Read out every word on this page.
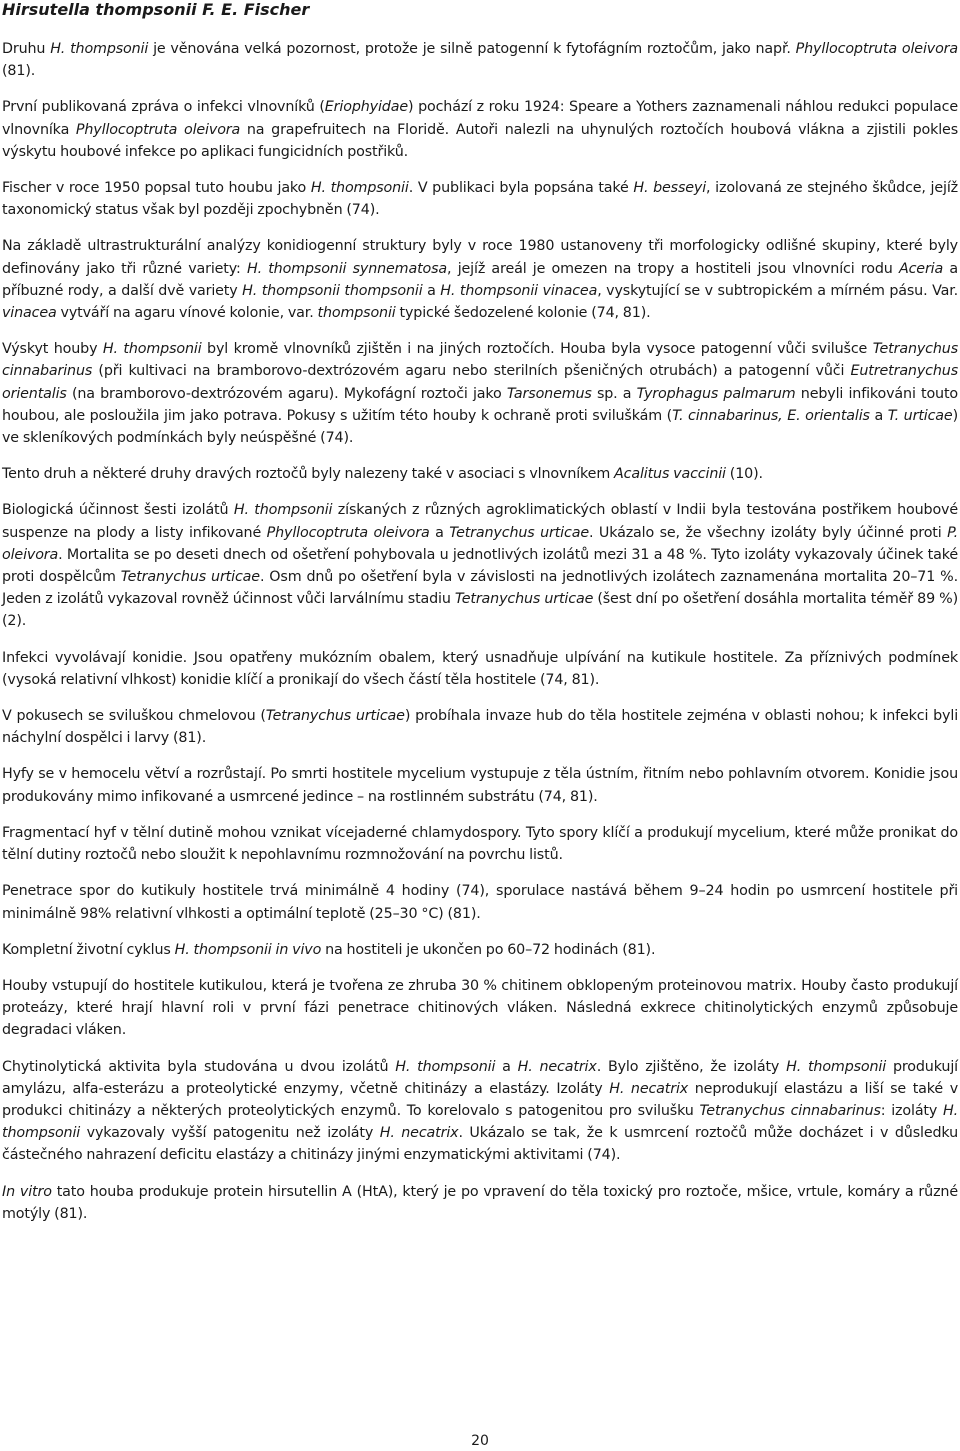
Hirsutella thompsonii F. E. Fischer

Druhu H. thompsonii je věnována velká pozornost, protože je silně patogenní k fytofágním roztočům, jako např. Phyllocoptruta oleivora (81).

První publikovaná zpráva o infekci vlnovníků (Eriophyidae) pochází z roku 1924: Speare a Yothers zaznamenali náhlou redukci populace vlnovníka Phyllocoptruta oleivora na grapefruitech na Floridě. Autoři nalezli na uhynulých roztočích houbová vlákna a zjistili pokles výskytu houbové infekce po aplikaci fungicidních postřiků.

Fischer v roce 1950 popsal tuto houbu jako H. thompsonii. V publikaci byla popsána také H. besseyi, izolovaná ze stejného škůdce, jejíž taxonomický status však byl později zpochybněn (74).

Na základě ultrastrukturální analýzy konidiogenní struktury byly v roce 1980 ustanoveny tři morfologicky odlišné skupiny, které byly definovány jako tři různé variety: H. thompsonii synnematosa, jejíž areál je omezen na tropy a hostiteli jsou vlnovníci rodu Aceria a příbuzné rody, a další dvě variety H. thompsonii thompsonii a H. thompsonii vinacea, vyskytující se v subtropickém a mírném pásu. Var. vinacea vytváří na agaru vínové kolonie, var. thompsonii typické šedozelené kolonie (74, 81).

Výskyt houby H. thompsonii byl kromě vlnovníků zjištěn i na jiných roztočích. Houba byla vysoce patogenní vůči svilušce Tetranychus cinnabarinus (při kultivaci na bramborovo-dextrózovém agaru nebo sterilních pšeničných otrubách) a patogenní vůči Eutretranychus orientalis (na bramborovo-dextrózovém agaru). Mykofágní roztoči jako Tarsonemus sp. a Tyrophagus palmarum nebyli infikováni touto houbou, ale posloužila jim jako potrava. Pokusy s užitím této houby k ochraně proti sviluškám (T. cinnabarinus, E. orientalis a T. urticae) ve skleníkových podmínkách byly neúspěšné (74).

Tento druh a některé druhy dravých roztočů byly nalezeny také v asociaci s vlnovníkem Acalitus vaccinii (10).

Biologická účinnost šesti izolátů H. thompsonii získaných z různých agroklimatických oblastí v Indii byla testována postřikem houbové suspenze na plody a listy infikované Phyllocoptruta oleivora a Tetranychus urticae. Ukázalo se, že všechny izoláty byly účinné proti P. oleivora. Mortalita se po deseti dnech od ošetření pohybovala u jednotlivých izolátů mezi 31 a 48 %. Tyto izoláty vykazovaly účinek také proti dospělcům Tetranychus urticae. Osm dnů po ošetření byla v závislosti na jednotlivých izolátech zaznamenána mortalita 20–71 %. Jeden z izolátů vykazoval rovněž účinnost vůči larválnímu stadiu Tetranychus urticae (šest dní po ošetření dosáhla mortalita téměř 89 %) (2).

Infekci vyvolávají konidie. Jsou opatřeny mukózním obalem, který usnadňuje ulpívání na kutikule hostitele. Za příznivých podmínek (vysoká relativní vlhkost) konidie klíčí a pronikají do všech částí těla hostitele (74, 81).

V pokusech se sviluškou chmelovou (Tetranychus urticae) probíhala invaze hub do těla hostitele zejména v oblasti nohou; k infekci byli náchylní dospělci i larvy (81).

Hyfy se v hemocelu větví a rozrůstají. Po smrti hostitele mycelium vystupuje z těla ústním, řitním nebo pohlavním otvorem. Konidie jsou produkovány mimo infikované a usmrcené jedince – na rostlinném substrátu (74, 81).

Fragmentací hyf v tělní dutině mohou vznikat vícejaderné chlamydospory. Tyto spory klíčí a produkují mycelium, které může pronikat do tělní dutiny roztočů nebo sloužit k nepohlavnímu rozmnožování na povrchu listů.

Penetrace spor do kutikuly hostitele trvá minimálně 4 hodiny (74), sporulace nastává během 9–24 hodin po usmrcení hostitele při minimálně 98% relativní vlhkosti a optimální teplotě (25–30 °C) (81).

Kompletní životní cyklus H. thompsonii in vivo na hostiteli je ukončen po 60–72 hodinách (81).

Houby vstupují do hostitele kutikulou, která je tvořena ze zhruba 30 % chitinem obklopeným proteinovou matrix. Houby často produkují proteázy, které hrají hlavní roli v první fázi penetrace chitinových vláken. Následná exkrece chitinolytických enzymů způsobuje degradaci vláken.

Chytinolytická aktivita byla studována u dvou izolátů H. thompsonii a H. necatrix. Bylo zjištěno, že izoláty H. thompsonii produkují amylázu, alfa-esterázu a proteolytické enzymy, včetně chitinázy a elastázy. Izoláty H. necatrix neprodukují elastázu a liší se také v produkci chitinázy a některých proteolytických enzymů. To korelovalo s patogenitou pro svilušku Tetranychus cinnabarinus: izoláty H. thompsonii vykazovaly vyšší patogenitu než izoláty H. necatrix. Ukázalo se tak, že k usmrcení roztočů může docházet i v důsledku částečného nahrazení deficitu elastázy a chitinázy jinými enzymatickými aktivitami (74).

In vitro tato houba produkuje protein hirsutellin A (HtA), který je po vpravení do těla toxický pro roztoče, mšice, vrtule, komáry a různé motýly (81).

20
